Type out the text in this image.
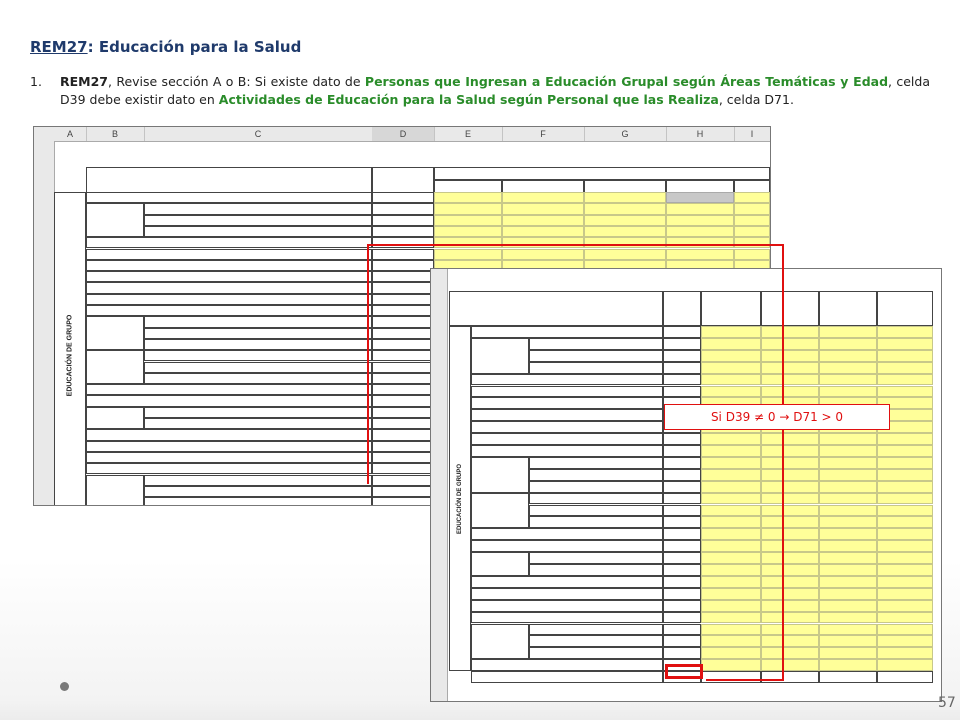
REM27: Educación para la Salud
1. REM27, Revise sección A o B: Si existe dato de Personas que Ingresan a Educación Grupal según Áreas Temáticas y Edad, celda D39 debe existir dato en Actividades de Educación para la Salud según Personal que las Realiza, celda D71.
A	B	C	D	E	F	G	H	I
EDUCACIÓN DE GRUPO
EDUCACIÓN DE GRUPO
Si D39 ≠ 0 → D71 > 0
57
